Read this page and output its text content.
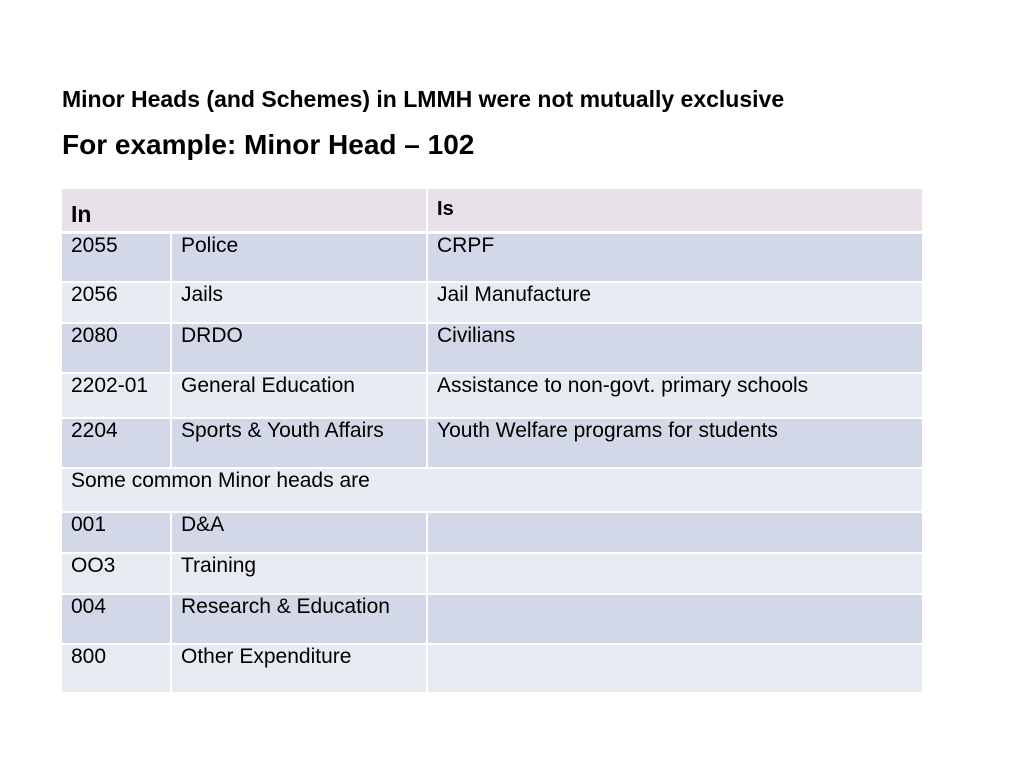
Minor Heads (and Schemes) in LMMH were not mutually exclusive
For example: Minor Head – 102
In		Is
2055	Police	CRPF
2056	Jails	Jail Manufacture
2080	DRDO	Civilians
2202-01	General Education	Assistance to non-govt. primary schools
2204	Sports & Youth Affairs	Youth Welfare programs for students
Some common Minor heads are		
001	D&A	
OO3	Training	
004	Research & Education	
800	Other Expenditure	
